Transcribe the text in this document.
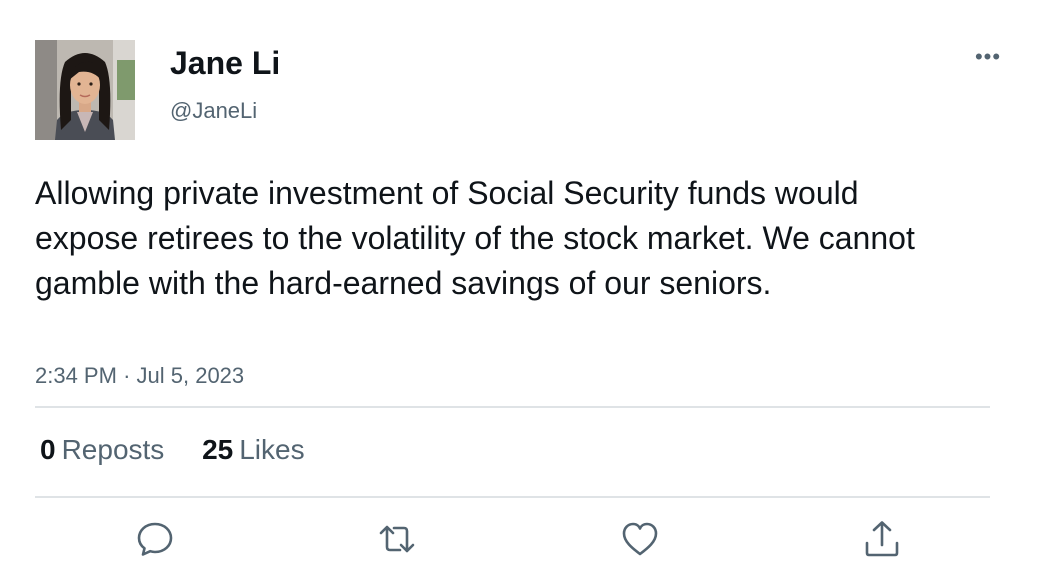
Jane Li
@JaneLi
•••
Allowing private investment of Social Security funds would expose retirees to the volatility of the stock market. We cannot gamble with the hard-earned savings of our seniors.
2:34 PM · Jul 5, 2023
0 Reposts 25 Likes
